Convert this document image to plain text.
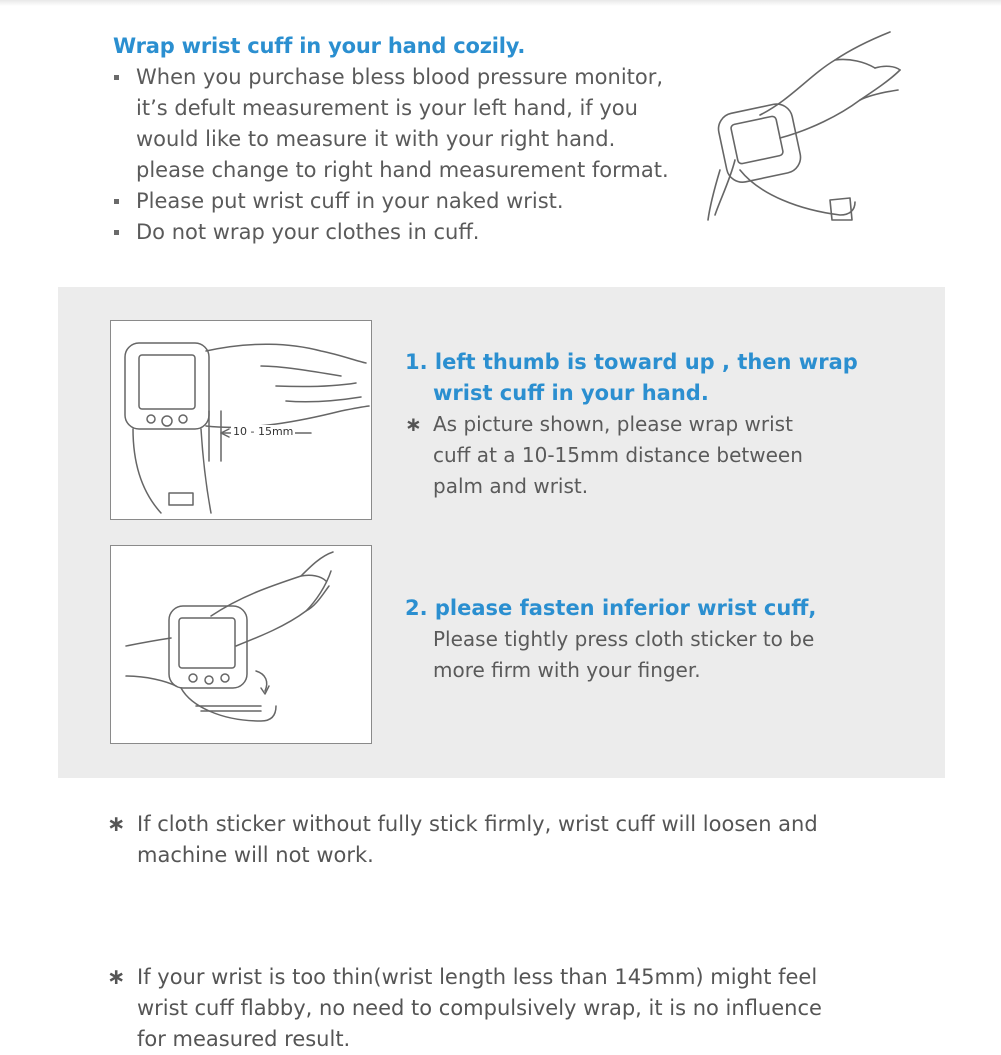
Wrap wrist cuff in your hand cozily.
When you purchase bless blood pressure monitor,
it’s defult measurement is your left hand, if you
would like to measure it with your right hand.
please change to right hand measurement format.
Please put wrist cuff in your naked wrist.
Do not wrap your clothes in cuff.
10 - 15mm
1. left thumb is toward up , then wrap
wrist cuff in your hand.
∗ As picture shown, please wrap wrist
cuff at a 10-15mm distance between
palm and wrist.
2. please fasten inferior wrist cuff,
Please tightly press cloth sticker to be
more firm with your finger.
∗ If cloth sticker without fully stick firmly, wrist cuff will loosen and
machine will not work.
∗ If your wrist is too thin(wrist length less than 145mm) might feel
wrist cuff flabby, no need to compulsively wrap, it is no influence
for measured result.
